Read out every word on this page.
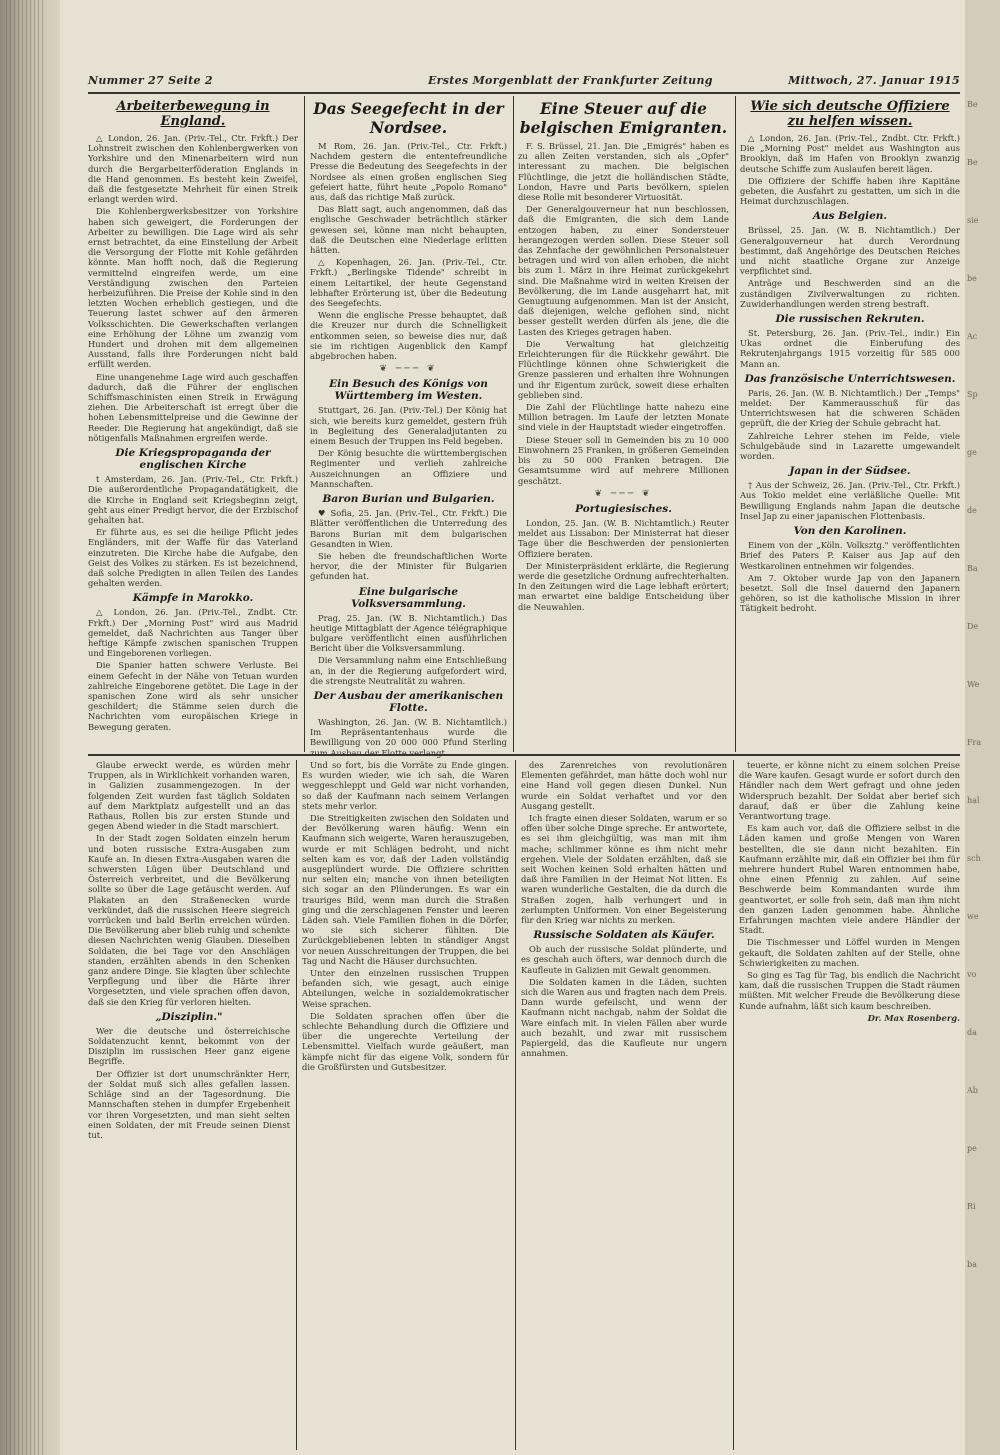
Nummer 27 Seite 2	Erstes Morgenblatt der Frankfurter Zeitung	Mittwoch, 27. Januar 1915
Arbeiterbewegung in England.

△ London, 26. Jan. (Priv.-Tel., Ctr. Frkft.) Der Lohnstreit zwischen den Kohlenbergwerken von Yorkshire und den Minenarbeitern wird nun durch die Bergarbeiterföderation Englands in die Hand genommen. Es besteht kein Zweifel, daß die festgesetzte Mehrheit für einen Streik erlangt werden wird.

Die Kohlenbergwerksbesitzer von Yorkshire haben sich geweigert, die Forderungen der Arbeiter zu bewilligen. Die Lage wird als sehr ernst betrachtet, da eine Einstellung der Arbeit die Versorgung der Flotte mit Kohle gefährden könnte. Man hofft noch, daß die Regierung vermittelnd eingreifen werde, um eine Verständigung zwischen den Parteien herbeizuführen. Die Preise der Kohle sind in den letzten Wochen erheblich gestiegen, und die Teuerung lastet schwer auf den ärmeren Volksschichten. Die Gewerkschaften verlangen eine Erhöhung der Löhne um zwanzig vom Hundert und drohen mit dem allgemeinen Ausstand, falls ihre Forderungen nicht bald erfüllt werden.

Eine unangenehme Lage wird auch geschaffen dadurch, daß die Führer der englischen Schiffsmaschinisten einen Streik in Erwägung ziehen. Die Arbeiterschaft ist erregt über die hohen Lebensmittelpreise und die Gewinne der Reeder. Die Regierung hat angekündigt, daß sie nötigenfalls Maßnahmen ergreifen werde.

Die Kriegspropaganda der englischen Kirche

t Amsterdam, 26. Jan. (Priv.-Tel., Ctr. Frkft.) Die außerordentliche Propagandatätigkeit, die die Kirche in England seit Kriegsbeginn zeigt, geht aus einer Predigt hervor, die der Erzbischof gehalten hat.

Er führte aus, es sei die heilige Pflicht jedes Engländers, mit der Waffe für das Vaterland einzutreten. Die Kirche habe die Aufgabe, den Geist des Volkes zu stärken. Es ist bezeichnend, daß solche Predigten in allen Teilen des Landes gehalten werden.

Kämpfe in Marokko.

△ London, 26. Jan. (Priv.-Tel., Zndbt. Ctr. Frkft.) Der „Morning Post" wird aus Madrid gemeldet, daß Nachrichten aus Tanger über heftige Kämpfe zwischen spanischen Truppen und Eingeborenen vorliegen.

Die Spanier hatten schwere Verluste. Bei einem Gefecht in der Nähe von Tetuan wurden zahlreiche Eingeborene getötet. Die Lage in der spanischen Zone wird als sehr unsicher geschildert; die Stämme seien durch die Nachrichten vom europäischen Kriege in Bewegung geraten.

Das Seegefecht in der Nordsee.

M Rom, 26. Jan. (Priv.-Tel., Ctr. Frkft.) Nachdem gestern die ententefreundliche Presse die Bedeutung des Seegefechts in der Nordsee als einen großen englischen Sieg gefeiert hatte, führt heute „Popolo Romano" aus, daß das richtige Maß zurück.

Das Blatt sagt, auch angenommen, daß das englische Geschwader beträchtlich stärker gewesen sei, könne man nicht behaupten, daß die Deutschen eine Niederlage erlitten hätten.

△ Kopenhagen, 26. Jan. (Priv.-Tel., Ctr. Frkft.) „Berlingske Tidende" schreibt in einem Leitartikel, der heute Gegenstand lebhafter Erörterung ist, über die Bedeutung des Seegefechts.

Wenn die englische Presse behauptet, daß die Kreuzer nur durch die Schnelligkeit entkommen seien, so beweise dies nur, daß sie im richtigen Augenblick den Kampf abgebrochen haben.

❦ ─── ❦
Ein Besuch des Königs von Württemberg im Westen.

Stuttgart, 26. Jan. (Priv.-Tel.) Der König hat sich, wie bereits kurz gemeldet, gestern früh in Begleitung des Generaladjutanten zu einem Besuch der Truppen ins Feld begeben.

Der König besuchte die württembergischen Regimenter und verlieh zahlreiche Auszeichnungen an Offiziere und Mannschaften.

Baron Burian und Bulgarien.

♥ Sofia, 25. Jan. (Priv.-Tel., Ctr. Frkft.) Die Blätter veröffentlichen die Unterredung des Barons Burian mit dem bulgarischen Gesandten in Wien.

Sie heben die freundschaftlichen Worte hervor, die der Minister für Bulgarien gefunden hat.

Eine bulgarische Volksversammlung.

Prag, 25. Jan. (W. B. Nichtamtlich.) Das heutige Mittagblatt der Agence télégraphique bulgare veröffentlicht einen ausführlichen Bericht über die Volksversammlung.

Die Versammlung nahm eine Entschließung an, in der die Regierung aufgefordert wird, die strengste Neutralität zu wahren.

Der Ausbau der amerikanischen Flotte.

Washington, 26. Jan. (W. B. Nichtamtlich.) Im Repräsentantenhaus wurde die Bewilligung von 20 000 000 Pfund Sterling zum Ausbau der Flotte verlangt.

Eine Steuer auf die belgischen Emigranten.

F. S. Brüssel, 21. Jan. Die „Emigrés" haben es zu allen Zeiten verstanden, sich als „Opfer" interessant zu machen. Die belgischen Flüchtlinge, die jetzt die holländischen Städte, London, Havre und Paris bevölkern, spielen diese Rolle mit besonderer Virtuosität.

Der Generalgouverneur hat nun beschlossen, daß die Emigranten, die sich dem Lande entzogen haben, zu einer Sondersteuer herangezogen werden sollen. Diese Steuer soll das Zehnfache der gewöhnlichen Personalsteuer betragen und wird von allen erhoben, die nicht bis zum 1. März in ihre Heimat zurückgekehrt sind. Die Maßnahme wird in weiten Kreisen der Bevölkerung, die im Lande ausgeharrt hat, mit Genugtuung aufgenommen. Man ist der Ansicht, daß diejenigen, welche geflohen sind, nicht besser gestellt werden dürfen als jene, die die Lasten des Krieges getragen haben.

Die Verwaltung hat gleichzeitig Erleichterungen für die Rückkehr gewährt. Die Flüchtlinge können ohne Schwierigkeit die Grenze passieren und erhalten ihre Wohnungen und ihr Eigentum zurück, soweit diese erhalten geblieben sind.

Die Zahl der Flüchtlinge hatte nahezu eine Million betragen. Im Laufe der letzten Monate sind viele in der Hauptstadt wieder eingetroffen.

Diese Steuer soll in Gemeinden bis zu 10 000 Einwohnern 25 Franken, in größeren Gemeinden bis zu 50 000 Franken betragen. Die Gesamtsumme wird auf mehrere Millionen geschätzt.

❦ ─── ❦
Portugiesisches.

London, 25. Jan. (W. B. Nichtamtlich.) Reuter meldet aus Lissabon: Der Ministerrat hat dieser Tage über die Beschwerden der pensionierten Offiziere beraten.

Der Ministerpräsident erklärte, die Regierung werde die gesetzliche Ordnung aufrechterhalten. In den Zeitungen wird die Lage lebhaft erörtert; man erwartet eine baldige Entscheidung über die Neuwahlen.

Wie sich deutsche Offiziere zu helfen wissen.

△ London, 26. Jan. (Priv.-Tel., Zndbt. Ctr. Frkft.) Die „Morning Post" meldet aus Washington aus Brooklyn, daß im Hafen von Brooklyn zwanzig deutsche Schiffe zum Auslaufen bereit lägen.

Die Offiziere der Schiffe haben ihre Kapitäne gebeten, die Ausfahrt zu gestatten, um sich in die Heimat durchzuschlagen.

Aus Belgien.

Brüssel, 25. Jan. (W. B. Nichtamtlich.) Der Generalgouverneur hat durch Verordnung bestimmt, daß Angehörige des Deutschen Reiches und nicht staatliche Organe zur Anzeige verpflichtet sind.

Anträge und Beschwerden sind an die zuständigen Zivilverwaltungen zu richten. Zuwiderhandlungen werden streng bestraft.

Die russischen Rekruten.

St. Petersburg, 26. Jan. (Priv.-Tel., indir.) Ein Ukas ordnet die Einberufung des Rekrutenjahrgangs 1915 vorzeitig für 585 000 Mann an.

Das französische Unterrichtswesen.

Paris, 26. Jan. (W. B. Nichtamtlich.) Der „Temps" meldet: Der Kammerausschuß für das Unterrichtswesen hat die schweren Schäden geprüft, die der Krieg der Schule gebracht hat.

Zahlreiche Lehrer stehen im Felde, viele Schulgebäude sind in Lazarette umgewandelt worden.

Japan in der Südsee.

† Aus der Schweiz, 26. Jan. (Priv.-Tel., Ctr. Frkft.) Aus Tokio meldet eine verläßliche Quelle: Mit Bewilligung Englands nahm Japan die deutsche Insel Jap zu einer japanischen Flottenbasis.

Von den Karolinen.

Einem von der „Köln. Volksztg." veröffentlichten Brief des Paters P. Kaiser aus Jap auf den Westkarolinen entnehmen wir folgendes.

Am 7. Oktober wurde Jap von den Japanern besetzt. Soll die Insel dauernd den Japanern gehören, so ist die katholische Mission in ihrer Tätigkeit bedroht.

Glaube erweckt werde, es würden mehr Truppen, als in Wirklichkeit vorhanden waren, in Galizien zusammengezogen. In der folgenden Zeit wurden fast täglich Soldaten auf dem Marktplatz aufgestellt und an das Rathaus, Rollen bis zur ersten Stunde und gegen Abend wieder in die Stadt marschiert.

In der Stadt zogen Soldaten einzeln herum und boten russische Extra-Ausgaben zum Kaufe an. In diesen Extra-Ausgaben waren die schwersten Lügen über Deutschland und Österreich verbreitet, und die Bevölkerung sollte so über die Lage getäuscht werden. Auf Plakaten an den Straßenecken wurde verkündet, daß die russischen Heere siegreich vorrücken und bald Berlin erreichen würden. Die Bevölkerung aber blieb ruhig und schenkte diesen Nachrichten wenig Glauben. Dieselben Soldaten, die bei Tage vor den Anschlägen standen, erzählten abends in den Schenken ganz andere Dinge. Sie klagten über schlechte Verpflegung und über die Härte ihrer Vorgesetzten, und viele sprachen offen davon, daß sie den Krieg für verloren hielten.

„Disziplin."

Wer die deutsche und österreichische Soldatenzucht kennt, bekommt von der Disziplin im russischen Heer ganz eigene Begriffe.

Der Offizier ist dort unumschränkter Herr, der Soldat muß sich alles gefallen lassen. Schläge sind an der Tagesordnung. Die Mannschaften stehen in dumpfer Ergebenheit vor ihren Vorgesetzten, und man sieht selten einen Soldaten, der mit Freude seinen Dienst tut.

Und so fort, bis die Vorräte zu Ende gingen. Es wurden wieder, wie ich sah, die Waren weggeschleppt und Geld war nicht vorhanden, so daß der Kaufmann nach seinem Verlangen stets mehr verlor.

Die Streitigkeiten zwischen den Soldaten und der Bevölkerung waren häufig. Wenn ein Kaufmann sich weigerte, Waren herauszugeben, wurde er mit Schlägen bedroht, und nicht selten kam es vor, daß der Laden vollständig ausgeplündert wurde. Die Offiziere schritten nur selten ein; manche von ihnen beteiligten sich sogar an den Plünderungen. Es war ein trauriges Bild, wenn man durch die Straßen ging und die zerschlagenen Fenster und leeren Läden sah. Viele Familien flohen in die Dörfer, wo sie sich sicherer fühlten. Die Zurückgebliebenen lebten in ständiger Angst vor neuen Ausschreitungen der Truppen, die bei Tag und Nacht die Häuser durchsuchten.

Unter den einzelnen russischen Truppen befanden sich, wie gesagt, auch einige Abteilungen, welche in sozialdemokratischer Weise sprachen.

Die Soldaten sprachen offen über die schlechte Behandlung durch die Offiziere und über die ungerechte Verteilung der Lebensmittel. Vielfach wurde geäußert, man kämpfe nicht für das eigene Volk, sondern für die Großfürsten und Gutsbesitzer.

des Zarenreiches von revolutionären Elementen gefährdet, man hätte doch wohl nur eine Hand voll gegen diesen Dunkel. Nun wurde ein Soldat verhaftet und vor den Ausgang gestellt.

Ich fragte einen dieser Soldaten, warum er so offen über solche Dinge spreche. Er antwortete, es sei ihm gleichgültig, was man mit ihm mache; schlimmer könne es ihm nicht mehr ergehen. Viele der Soldaten erzählten, daß sie seit Wochen keinen Sold erhalten hätten und daß ihre Familien in der Heimat Not litten. Es waren wunderliche Gestalten, die da durch die Straßen zogen, halb verhungert und in zerlumpten Uniformen. Von einer Begeisterung für den Krieg war nichts zu merken.

Russische Soldaten als Käufer.

Ob auch der russische Soldat plünderte, und es geschah auch öfters, war dennoch durch die Kaufleute in Galizien mit Gewalt genommen.

Die Soldaten kamen in die Läden, suchten sich die Waren aus und fragten nach dem Preis. Dann wurde gefeilscht, und wenn der Kaufmann nicht nachgab, nahm der Soldat die Ware einfach mit. In vielen Fällen aber wurde auch bezahlt, und zwar mit russischem Papiergeld, das die Kaufleute nur ungern annahmen.

teuerte, er könne nicht zu einem solchen Preise die Ware kaufen. Gesagt wurde er sofort durch den Händler nach dem Wert gefragt und ohne jeden Widerspruch bezahlt. Der Soldat aber berief sich darauf, daß er über die Zahlung keine Verantwortung trage.

Es kam auch vor, daß die Offiziere selbst in die Läden kamen und große Mengen von Waren bestellten, die sie dann nicht bezahlten. Ein Kaufmann erzählte mir, daß ein Offizier bei ihm für mehrere hundert Rubel Waren entnommen habe, ohne einen Pfennig zu zahlen. Auf seine Beschwerde beim Kommandanten wurde ihm geantwortet, er solle froh sein, daß man ihm nicht den ganzen Laden genommen habe. Ähnliche Erfahrungen machten viele andere Händler der Stadt.

Die Tischmesser und Löffel wurden in Mengen gekauft, die Soldaten zahlten auf der Stelle, ohne Schwierigkeiten zu machen.

So ging es Tag für Tag, bis endlich die Nachricht kam, daß die russischen Truppen die Stadt räumen müßten. Mit welcher Freude die Bevölkerung diese Kunde aufnahm, läßt sich kaum beschreiben.

Dr. Max Rosenberg.
Be
Be
sie
be
Ac
Sp
ge
de
Ba
De
We
Fra
hal
sch
we
vo
da
Ab
pe
Ri
ba
